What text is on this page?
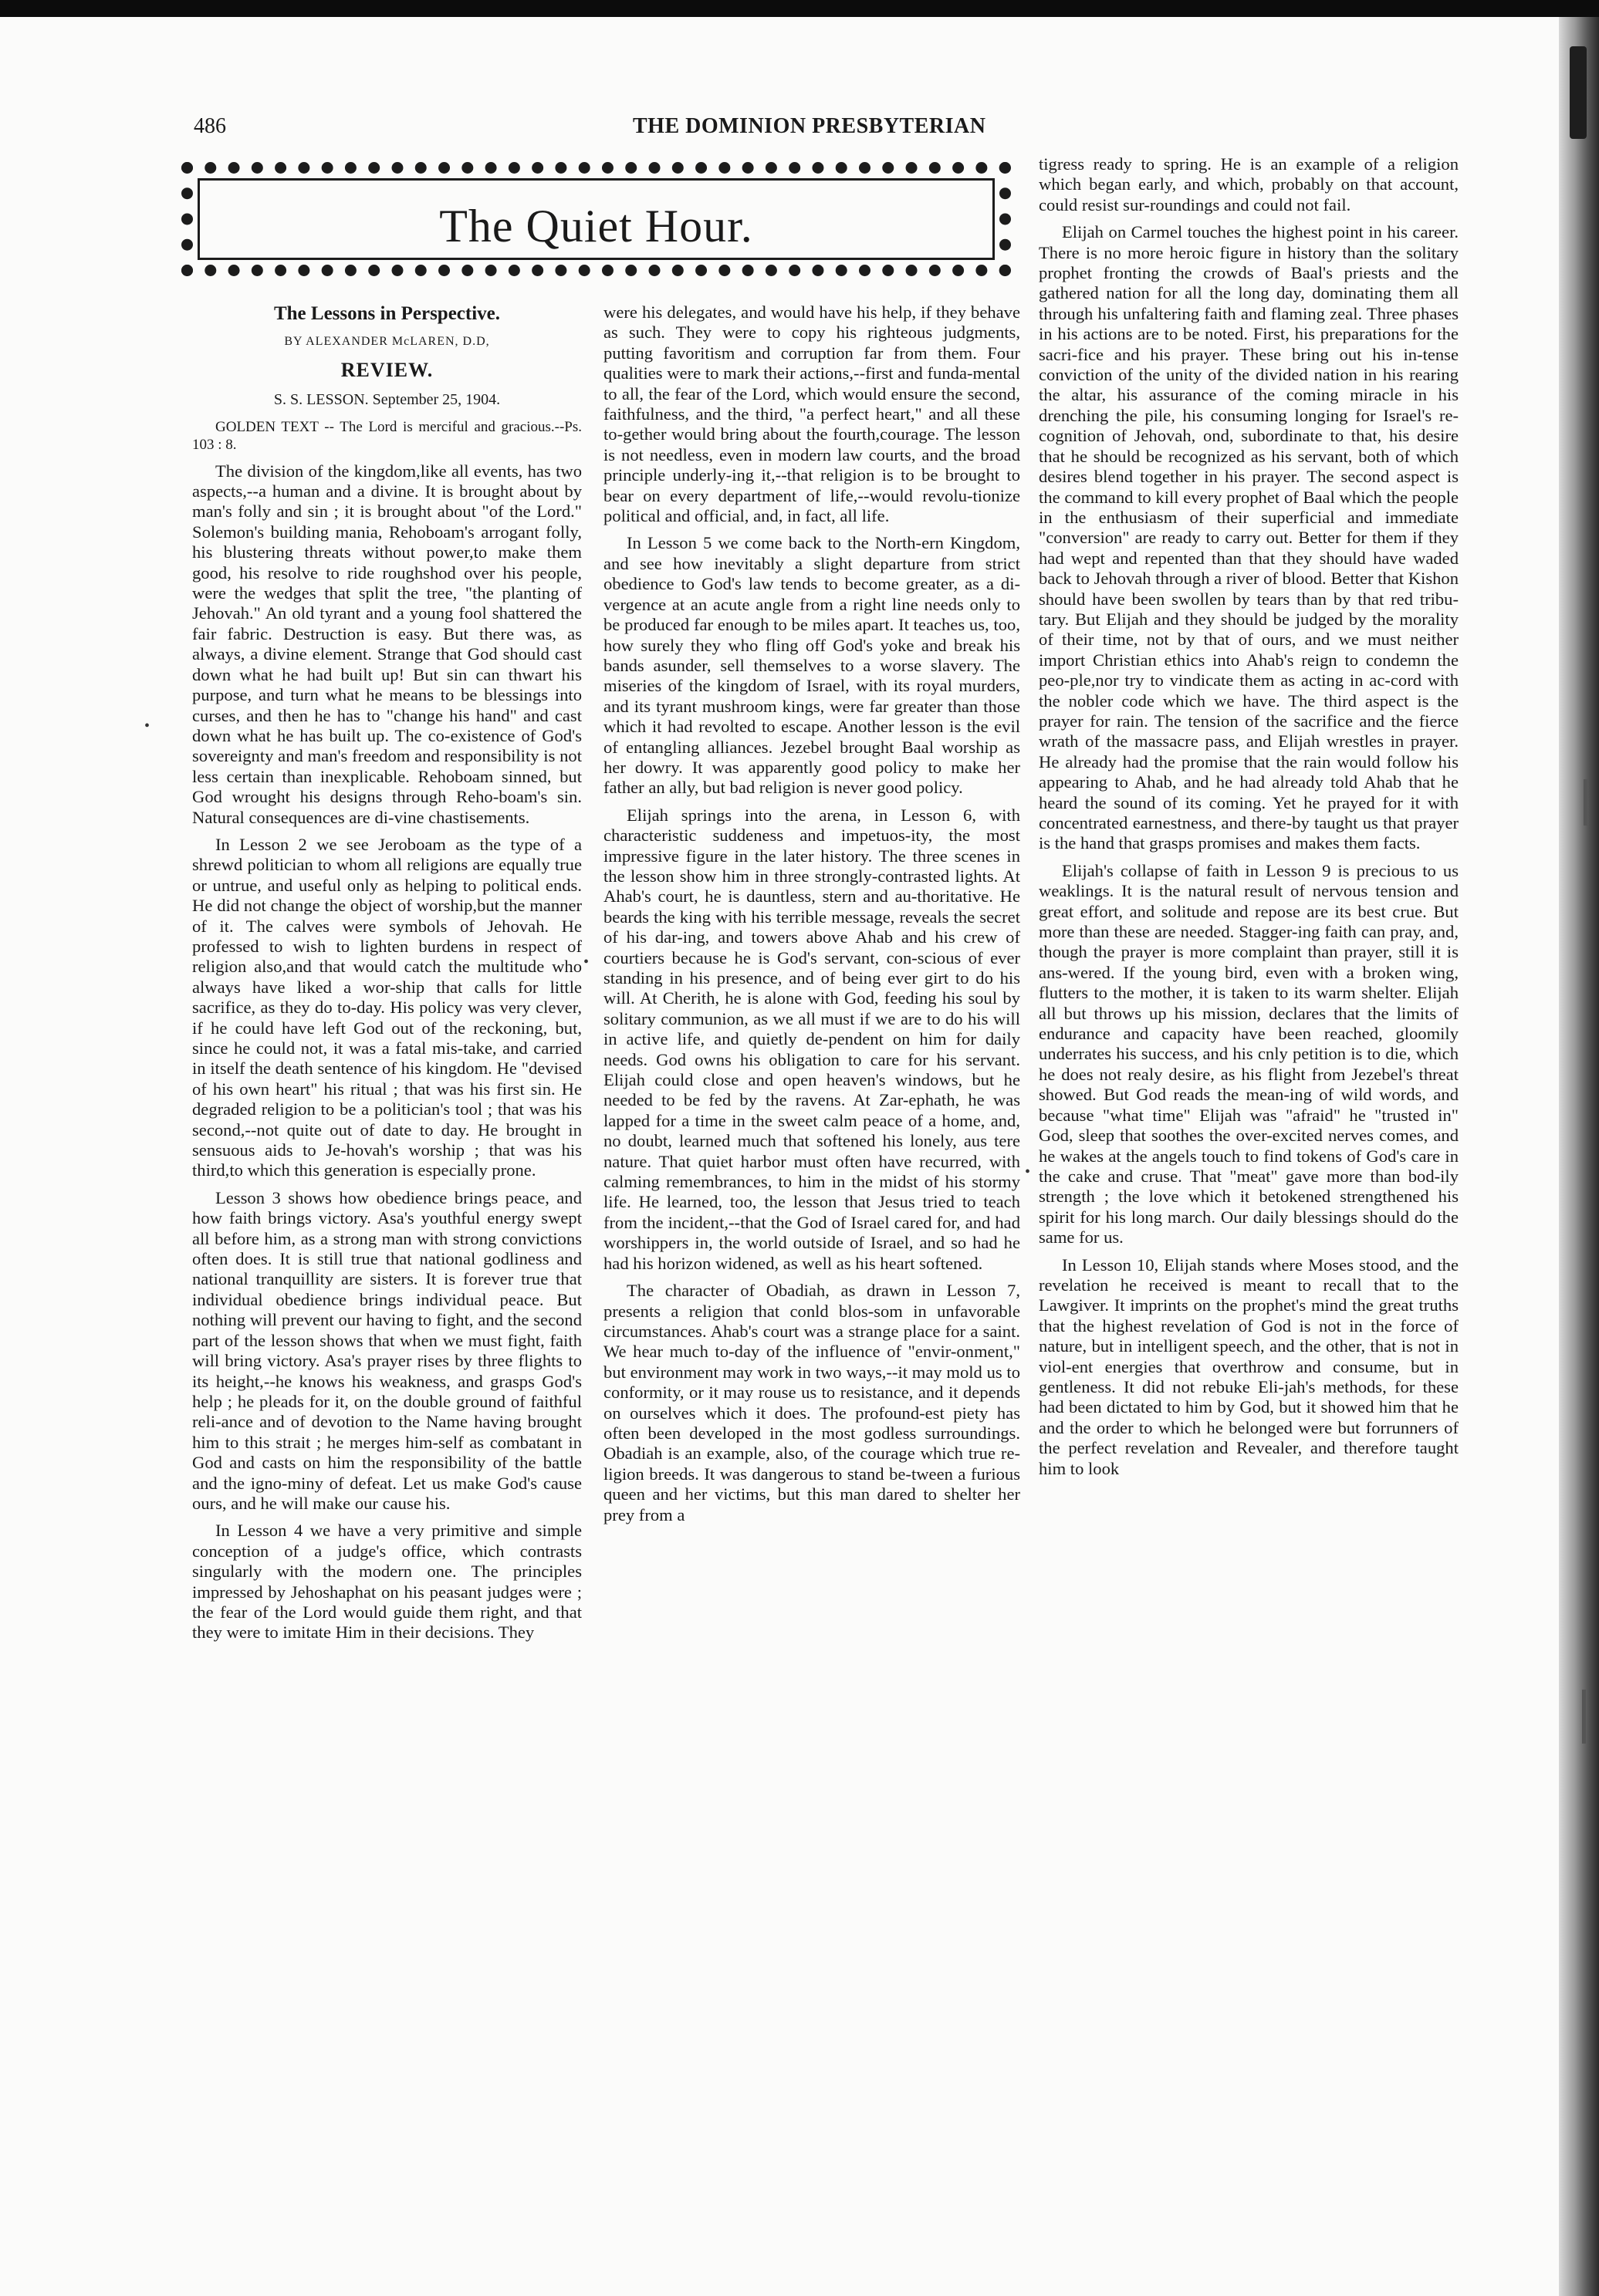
486	THE DOMINION PRESBYTERIAN
The Quiet Hour.
•
•
•
The Lessons in Perspective.
BY ALEXANDER McLAREN, D.D,
REVIEW.
S. S. LESSON. September 25, 1904.
GOLDEN TEXT -- The Lord is merciful and gracious.--Ps. 103 : 8.

The division of the kingdom,like all events, has two aspects,--a human and a divine. It is brought about by man's folly and sin ; it is brought about "of the Lord." Solemon's building mania, Rehoboam's arrogant folly, his blustering threats without power,to make them good, his resolve to ride roughshod over his people, were the wedges that split the tree, "the planting of Jehovah." An old tyrant and a young fool shattered the fair fabric. Destruction is easy. But there was, as always, a divine element. Strange that God should cast down what he had built up! But sin can thwart his purpose, and turn what he means to be blessings into curses, and then he has to "change his hand" and cast down what he has built up. The co-existence of God's sovereignty and man's freedom and responsibility is not less certain than inexplicable. Rehoboam sinned, but God wrought his designs through Reho-boam's sin. Natural consequences are di-vine chastisements.

In Lesson 2 we see Jeroboam as the type of a shrewd politician to whom all religions are equally true or untrue, and useful only as helping to political ends. He did not change the object of worship,but the manner of it. The calves were symbols of Jehovah. He professed to wish to lighten burdens in respect of religion also,and that would catch the multitude who always have liked a wor-ship that calls for little sacrifice, as they do to-day. His policy was very clever, if he could have left God out of the reckoning, but, since he could not, it was a fatal mis-take, and carried in itself the death sentence of his kingdom. He "devised of his own heart" his ritual ; that was his first sin. He degraded religion to be a politician's tool ; that was his second,--not quite out of date to day. He brought in sensuous aids to Je-hovah's worship ; that was his third,to which this generation is especially prone.

Lesson 3 shows how obedience brings peace, and how faith brings victory. Asa's youthful energy swept all before him, as a strong man with strong convictions often does. It is still true that national godliness and national tranquillity are sisters. It is forever true that individual obedience brings individual peace. But nothing will prevent our having to fight, and the second part of the lesson shows that when we must fight, faith will bring victory. Asa's prayer rises by three flights to its height,--he knows his weakness, and grasps God's help ; he pleads for it, on the double ground of faithful reli-ance and of devotion to the Name having brought him to this strait ; he merges him-self as combatant in God and casts on him the responsibility of the battle and the igno-miny of defeat. Let us make God's cause ours, and he will make our cause his.

In Lesson 4 we have a very primitive and simple conception of a judge's office, which contrasts singularly with the modern one. The principles impressed by Jehoshaphat on his peasant judges were ; the fear of the Lord would guide them right, and that they were to imitate Him in their decisions. They

were his delegates, and would have his help, if they behave as such. They were to copy his righteous judgments, putting favoritism and corruption far from them. Four qualities were to mark their actions,--first and funda-mental to all, the fear of the Lord, which would ensure the second, faithfulness, and the third, "a perfect heart," and all these to-gether would bring about the fourth,courage. The lesson is not needless, even in modern law courts, and the broad principle underly-ing it,--that religion is to be brought to bear on every department of life,--would revolu-tionize political and official, and, in fact, all life.

In Lesson 5 we come back to the North-ern Kingdom, and see how inevitably a slight departure from strict obedience to God's law tends to become greater, as a di-vergence at an acute angle from a right line needs only to be produced far enough to be miles apart. It teaches us, too, how surely they who fling off God's yoke and break his bands asunder, sell themselves to a worse slavery. The miseries of the kingdom of Israel, with its royal murders, and its tyrant mushroom kings, were far greater than those which it had revolted to escape. Another lesson is the evil of entangling alliances. Jezebel brought Baal worship as her dowry. It was apparently good policy to make her father an ally, but bad religion is never good policy.

Elijah springs into the arena, in Lesson 6, with characteristic suddeness and impetuos-ity, the most impressive figure in the later history. The three scenes in the lesson show him in three strongly-contrasted lights. At Ahab's court, he is dauntless, stern and au-thoritative. He beards the king with his terrible message, reveals the secret of his dar-ing, and towers above Ahab and his crew of courtiers because he is God's servant, con-scious of ever standing in his presence, and of being ever girt to do his will. At Cherith, he is alone with God, feeding his soul by solitary communion, as we all must if we are to do his will in active life, and quietly de-pendent on him for daily needs. God owns his obligation to care for his servant. Elijah could close and open heaven's windows, but he needed to be fed by the ravens. At Zar-ephath, he was lapped for a time in the sweet calm peace of a home, and, no doubt, learned much that softened his lonely, aus tere nature. That quiet harbor must often have recurred, with calming remembrances, to him in the midst of his stormy life. He learned, too, the lesson that Jesus tried to teach from the incident,--that the God of Israel cared for, and had worshippers in, the world outside of Israel, and so had he had his horizon widened, as well as his heart softened.

The character of Obadiah, as drawn in Lesson 7, presents a religion that conld blos-som in unfavorable circumstances. Ahab's court was a strange place for a saint. We hear much to-day of the influence of "envir-onment," but environment may work in two ways,--it may mold us to conformity, or it may rouse us to resistance, and it depends on ourselves which it does. The profound-est piety has often been developed in the most godless surroundings. Obadiah is an example, also, of the courage which true re-ligion breeds. It was dangerous to stand be-tween a furious queen and her victims, but this man dared to shelter her prey from a

tigress ready to spring. He is an example of a religion which began early, and which, probably on that account, could resist sur-roundings and could not fail.

Elijah on Carmel touches the highest point in his career. There is no more heroic figure in history than the solitary prophet fronting the crowds of Baal's priests and the gathered nation for all the long day, dominating them all through his unfaltering faith and flaming zeal. Three phases in his actions are to be noted. First, his preparations for the sacri-fice and his prayer. These bring out his in-tense conviction of the unity of the divided nation in his rearing the altar, his assurance of the coming miracle in his drenching the pile, his consuming longing for Israel's re-cognition of Jehovah, ond, subordinate to that, his desire that he should be recognized as his servant, both of which desires blend together in his prayer. The second aspect is the command to kill every prophet of Baal which the people in the enthusiasm of their superficial and immediate "conversion" are ready to carry out. Better for them if they had wept and repented than that they should have waded back to Jehovah through a river of blood. Better that Kishon should have been swollen by tears than by that red tribu-tary. But Elijah and they should be judged by the morality of their time, not by that of ours, and we must neither import Christian ethics into Ahab's reign to condemn the peo-ple,nor try to vindicate them as acting in ac-cord with the nobler code which we have. The third aspect is the prayer for rain. The tension of the sacrifice and the fierce wrath of the massacre pass, and Elijah wrestles in prayer. He already had the promise that the rain would follow his appearing to Ahab, and he had already told Ahab that he heard the sound of its coming. Yet he prayed for it with concentrated earnestness, and there-by taught us that prayer is the hand that grasps promises and makes them facts.

Elijah's collapse of faith in Lesson 9 is precious to us weaklings. It is the natural result of nervous tension and great effort, and solitude and repose are its best crue. But more than these are needed. Stagger-ing faith can pray, and, though the prayer is more complaint than prayer, still it is ans-wered. If the young bird, even with a broken wing, flutters to the mother, it is taken to its warm shelter. Elijah all but throws up his mission, declares that the limits of endurance and capacity have been reached, gloomily underrates his success, and his cnly petition is to die, which he does not realy desire, as his flight from Jezebel's threat showed. But God reads the mean-ing of wild words, and because "what time" Elijah was "afraid" he "trusted in" God, sleep that soothes the over-excited nerves comes, and he wakes at the angels touch to find tokens of God's care in the cake and cruse. That "meat" gave more than bod-ily strength ; the love which it betokened strengthened his spirit for his long march. Our daily blessings should do the same for us.

In Lesson 10, Elijah stands where Moses stood, and the revelation he received is meant to recall that to the Lawgiver. It imprints on the prophet's mind the great truths that the highest revelation of God is not in the force of nature, but in intelligent speech, and the other, that is not in viol-ent energies that overthrow and consume, but in gentleness. It did not rebuke Eli-jah's methods, for these had been dictated to him by God, but it showed him that he and the order to which he belonged were but forrunners of the perfect revelation and Revealer, and therefore taught him to look
